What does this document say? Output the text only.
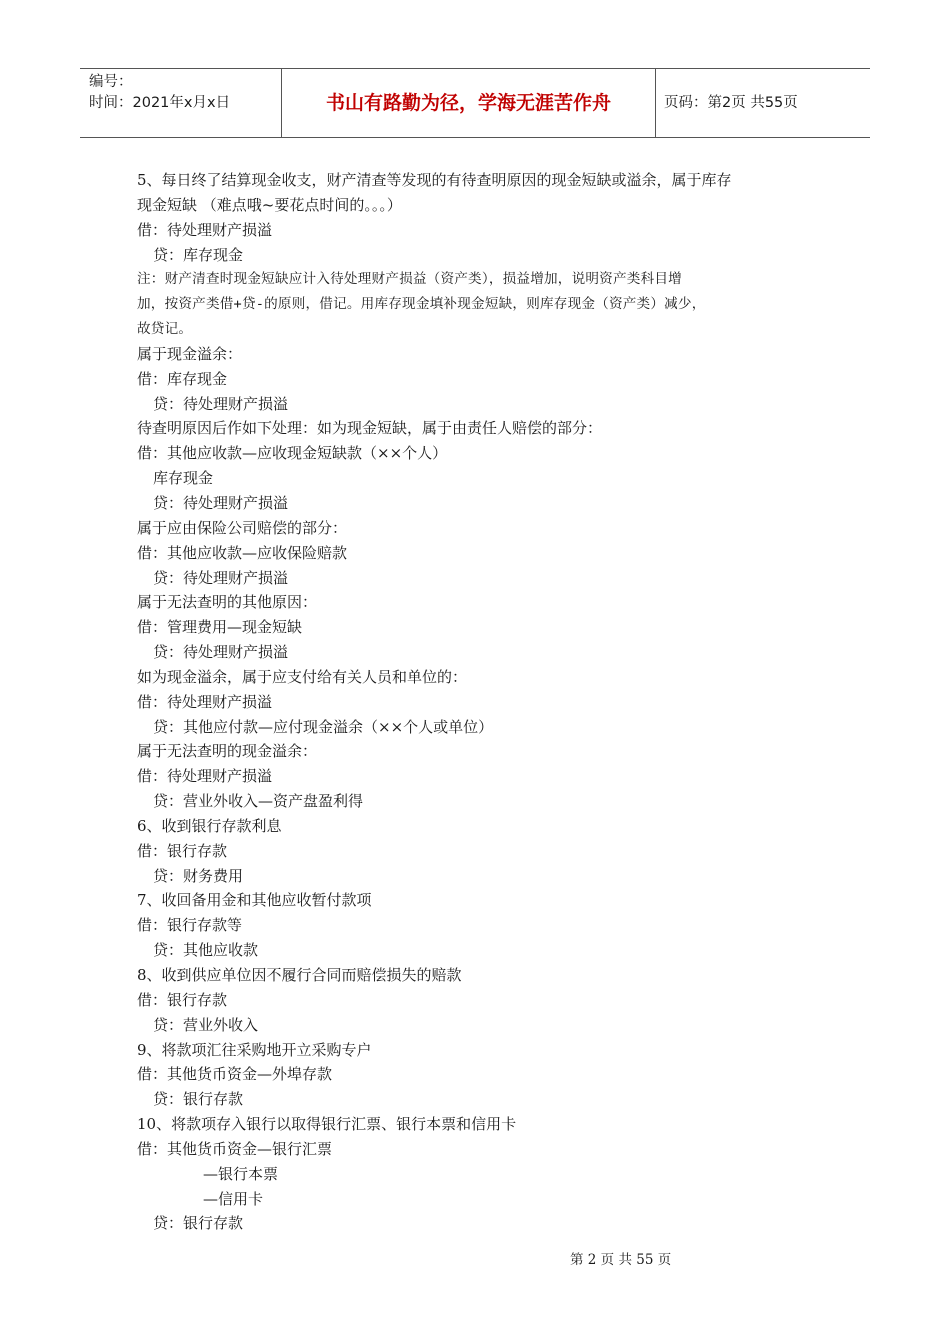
编号：
时间：2021年x月x日	书山有路勤为径，学海无涯苦作舟	页码：第2页 共55页
5、每日终了结算现金收支，财产清查等发现的有待查明原因的现金短缺或溢余，属于库存
现金短缺 （难点哦~要花点时间的。。。）
借：待处理财产损溢
贷：库存现金
注：财产清查时现金短缺应计入待处理财产损益（资产类），损益增加，说明资产类科目增
加，按资产类借+贷-的原则，借记。用库存现金填补现金短缺，则库存现金（资产类）减少，
故贷记。
属于现金溢余：
借：库存现金
贷：待处理财产损溢
待查明原因后作如下处理：如为现金短缺，属于由责任人赔偿的部分：
借：其他应收款—应收现金短缺款（××个人）
库存现金
贷：待处理财产损溢
属于应由保险公司赔偿的部分：
借：其他应收款—应收保险赔款
贷：待处理财产损溢
属于无法查明的其他原因：
借：管理费用—现金短缺
贷：待处理财产损溢
如为现金溢余，属于应支付给有关人员和单位的：
借：待处理财产损溢
贷：其他应付款—应付现金溢余（××个人或单位）
属于无法查明的现金溢余：
借：待处理财产损溢
贷：营业外收入—资产盘盈利得
6、收到银行存款利息
借：银行存款
贷：财务费用
7、收回备用金和其他应收暂付款项
借：银行存款等
贷：其他应收款
8、收到供应单位因不履行合同而赔偿损失的赔款
借：银行存款
贷：营业外收入
9、将款项汇往采购地开立采购专户
借：其他货币资金—外埠存款
贷：银行存款
10、将款项存入银行以取得银行汇票、银行本票和信用卡
借：其他货币资金—银行汇票
—银行本票
—信用卡
贷：银行存款
第 2 页 共 55 页
